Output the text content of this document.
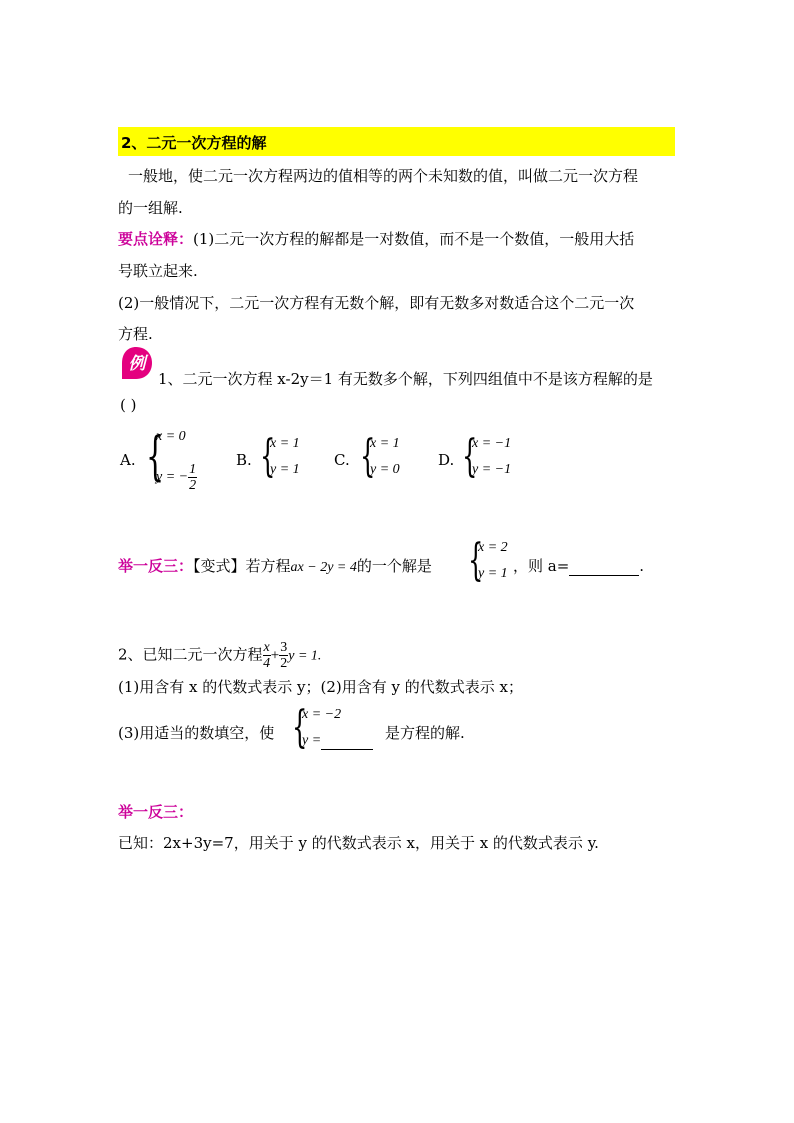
2、二元一次方程的解
一般地，使二元一次方程两边的值相等的两个未知数的值，叫做二元一次方程
的一组解.
要点诠释：(1)二元一次方程的解都是一对数值，而不是一个数值，一般用大括
号联立起来.
(2)一般情况下，二元一次方程有无数个解，即有无数多对数适合这个二元一次
方程.
例
1、二元一次方程 x-2y＝1 有无数多个解，下列四组值中不是该方程解的是
( )
A. {
x = 0
y = − $\frac{1}{2}$
B. {
x = 1
y = 1
C. {
x = 1
y = 0
D. {
x = −1
y = −1
举一反三：【变式】若方程ax − 2y = 4的一个解是 {
x = 2
y = 1 ，则 a=	.
2、已知二元一次方程 $\frac{x}{4} + \frac{3}{2}$ y = 1.
(1)用含有 x 的代数式表示 y；(2)用含有 y 的代数式表示 x；
(3)用适当的数填空，使 {
x = −2
y =	是方程的解.
举一反三：
已知：2x+3y=7，用关于 y 的代数式表示 x，用关于 x 的代数式表示 y.
